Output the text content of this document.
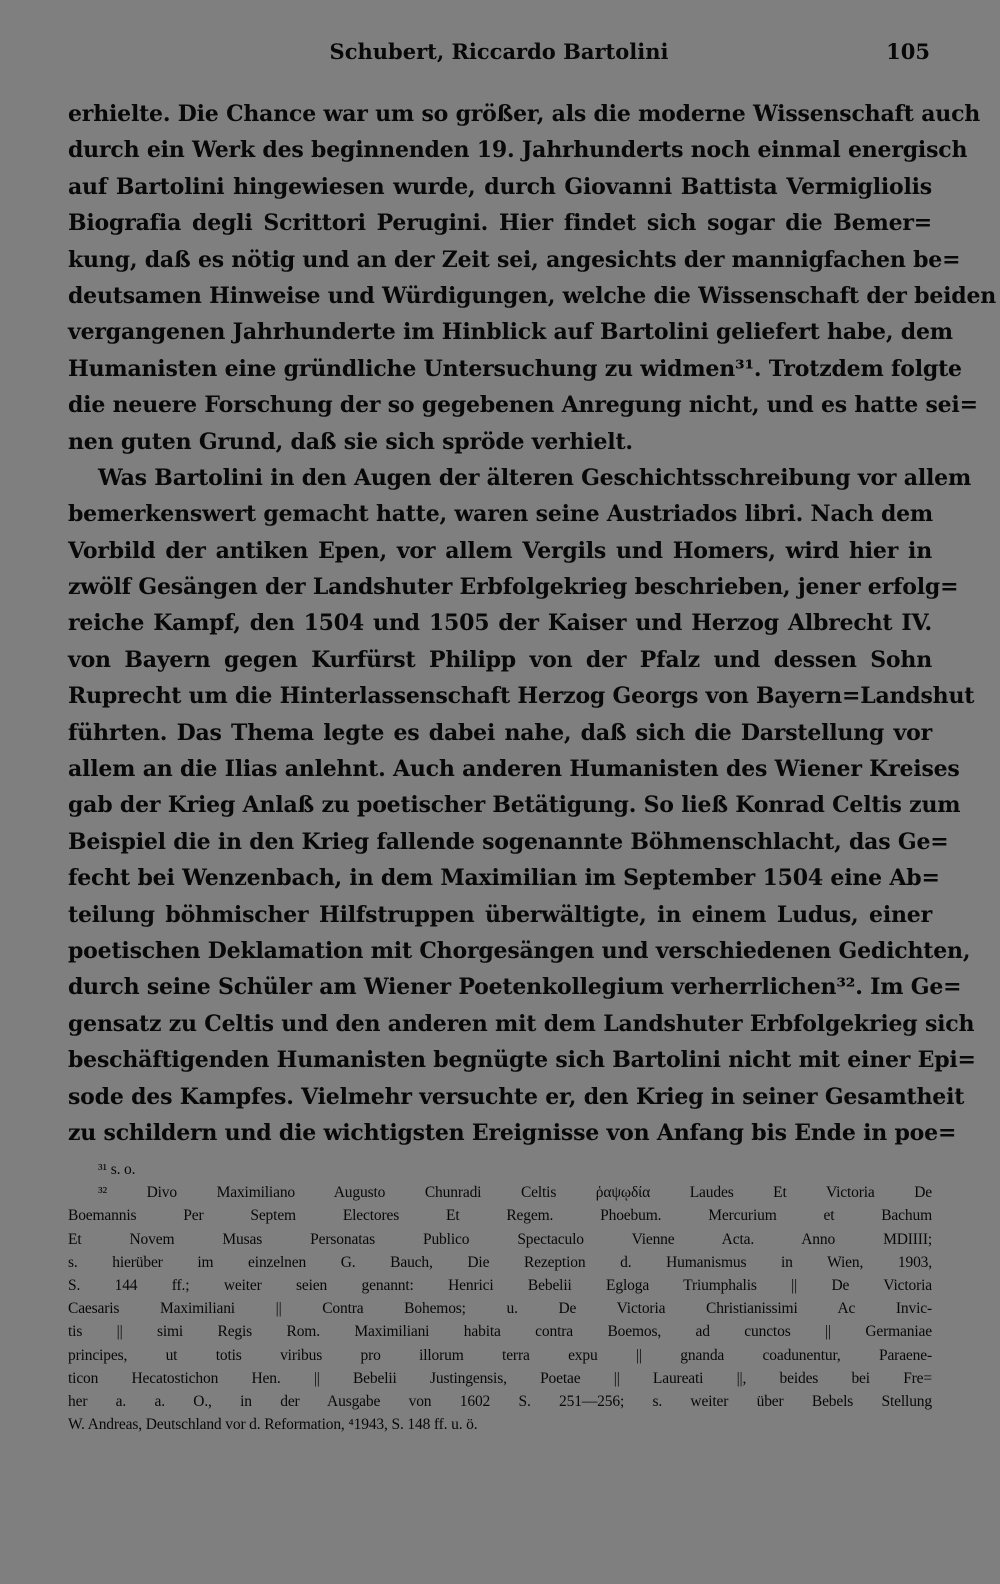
Schubert, Riccardo Bartolini	105
erhielte. Die Chance war um so größer, als die moderne Wissenschaft auch
durch ein Werk des beginnenden 19. Jahrhunderts noch einmal energisch
auf Bartolini hingewiesen wurde, durch Giovanni Battista Vermigliolis
Biografia degli Scrittori Perugini. Hier findet sich sogar die Bemer=
kung, daß es nötig und an der Zeit sei, angesichts der mannigfachen be=
deutsamen Hinweise und Würdigungen, welche die Wissenschaft der beiden
vergangenen Jahrhunderte im Hinblick auf Bartolini geliefert habe, dem
Humanisten eine gründliche Untersuchung zu widmen³¹. Trotzdem folgte
die neuere Forschung der so gegebenen Anregung nicht, und es hatte sei=
nen guten Grund, daß sie sich spröde verhielt.
Was Bartolini in den Augen der älteren Geschichtsschreibung vor allem
bemerkenswert gemacht hatte, waren seine Austriados libri. Nach dem
Vorbild der antiken Epen, vor allem Vergils und Homers, wird hier in
zwölf Gesängen der Landshuter Erbfolgekrieg beschrieben, jener erfolg=
reiche Kampf, den 1504 und 1505 der Kaiser und Herzog Albrecht IV.
von Bayern gegen Kurfürst Philipp von der Pfalz und dessen Sohn
Ruprecht um die Hinterlassenschaft Herzog Georgs von Bayern=Landshut
führten. Das Thema legte es dabei nahe, daß sich die Darstellung vor
allem an die Ilias anlehnt. Auch anderen Humanisten des Wiener Kreises
gab der Krieg Anlaß zu poetischer Betätigung. So ließ Konrad Celtis zum
Beispiel die in den Krieg fallende sogenannte Böhmenschlacht, das Ge=
fecht bei Wenzenbach, in dem Maximilian im September 1504 eine Ab=
teilung böhmischer Hilfstruppen überwältigte, in einem Ludus, einer
poetischen Deklamation mit Chorgesängen und verschiedenen Gedichten,
durch seine Schüler am Wiener Poetenkollegium verherrlichen³². Im Ge=
gensatz zu Celtis und den anderen mit dem Landshuter Erbfolgekrieg sich
beschäftigenden Humanisten begnügte sich Bartolini nicht mit einer Epi=
sode des Kampfes. Vielmehr versuchte er, den Krieg in seiner Gesamtheit
zu schildern und die wichtigsten Ereignisse von Anfang bis Ende in poe=
³¹ s. o.
³² Divo Maximiliano Augusto Chunradi Celtis ῥαψῳδία Laudes Et Victoria De
Boemannis Per Septem Electores Et Regem. Phoebum. Mercurium et Bachum
Et Novem Musas Personatas Publico Spectaculo Vienne Acta. Anno MDIIII;
s. hierüber im einzelnen G. Bauch, Die Rezeption d. Humanismus in Wien, 1903,
S. 144 ff.; weiter seien genannt: Henrici Bebelii Egloga Triumphalis || De Victoria
Caesaris Maximiliani || Contra Bohemos; u. De Victoria Christianissimi Ac Invic-
tis || simi Regis Rom. Maximiliani habita contra Boemos, ad cunctos || Germaniae
principes, ut totis viribus pro illorum terra expu || gnanda coadunentur, Paraene-
ticon Hecatostichon Hen. || Bebelii Justingensis, Poetae || Laureati ||, beides bei Fre=
her a. a. O., in der Ausgabe von 1602 S. 251—256; s. weiter über Bebels Stellung
W. Andreas, Deutschland vor d. Reformation, ⁴1943, S. 148 ff. u. ö.
